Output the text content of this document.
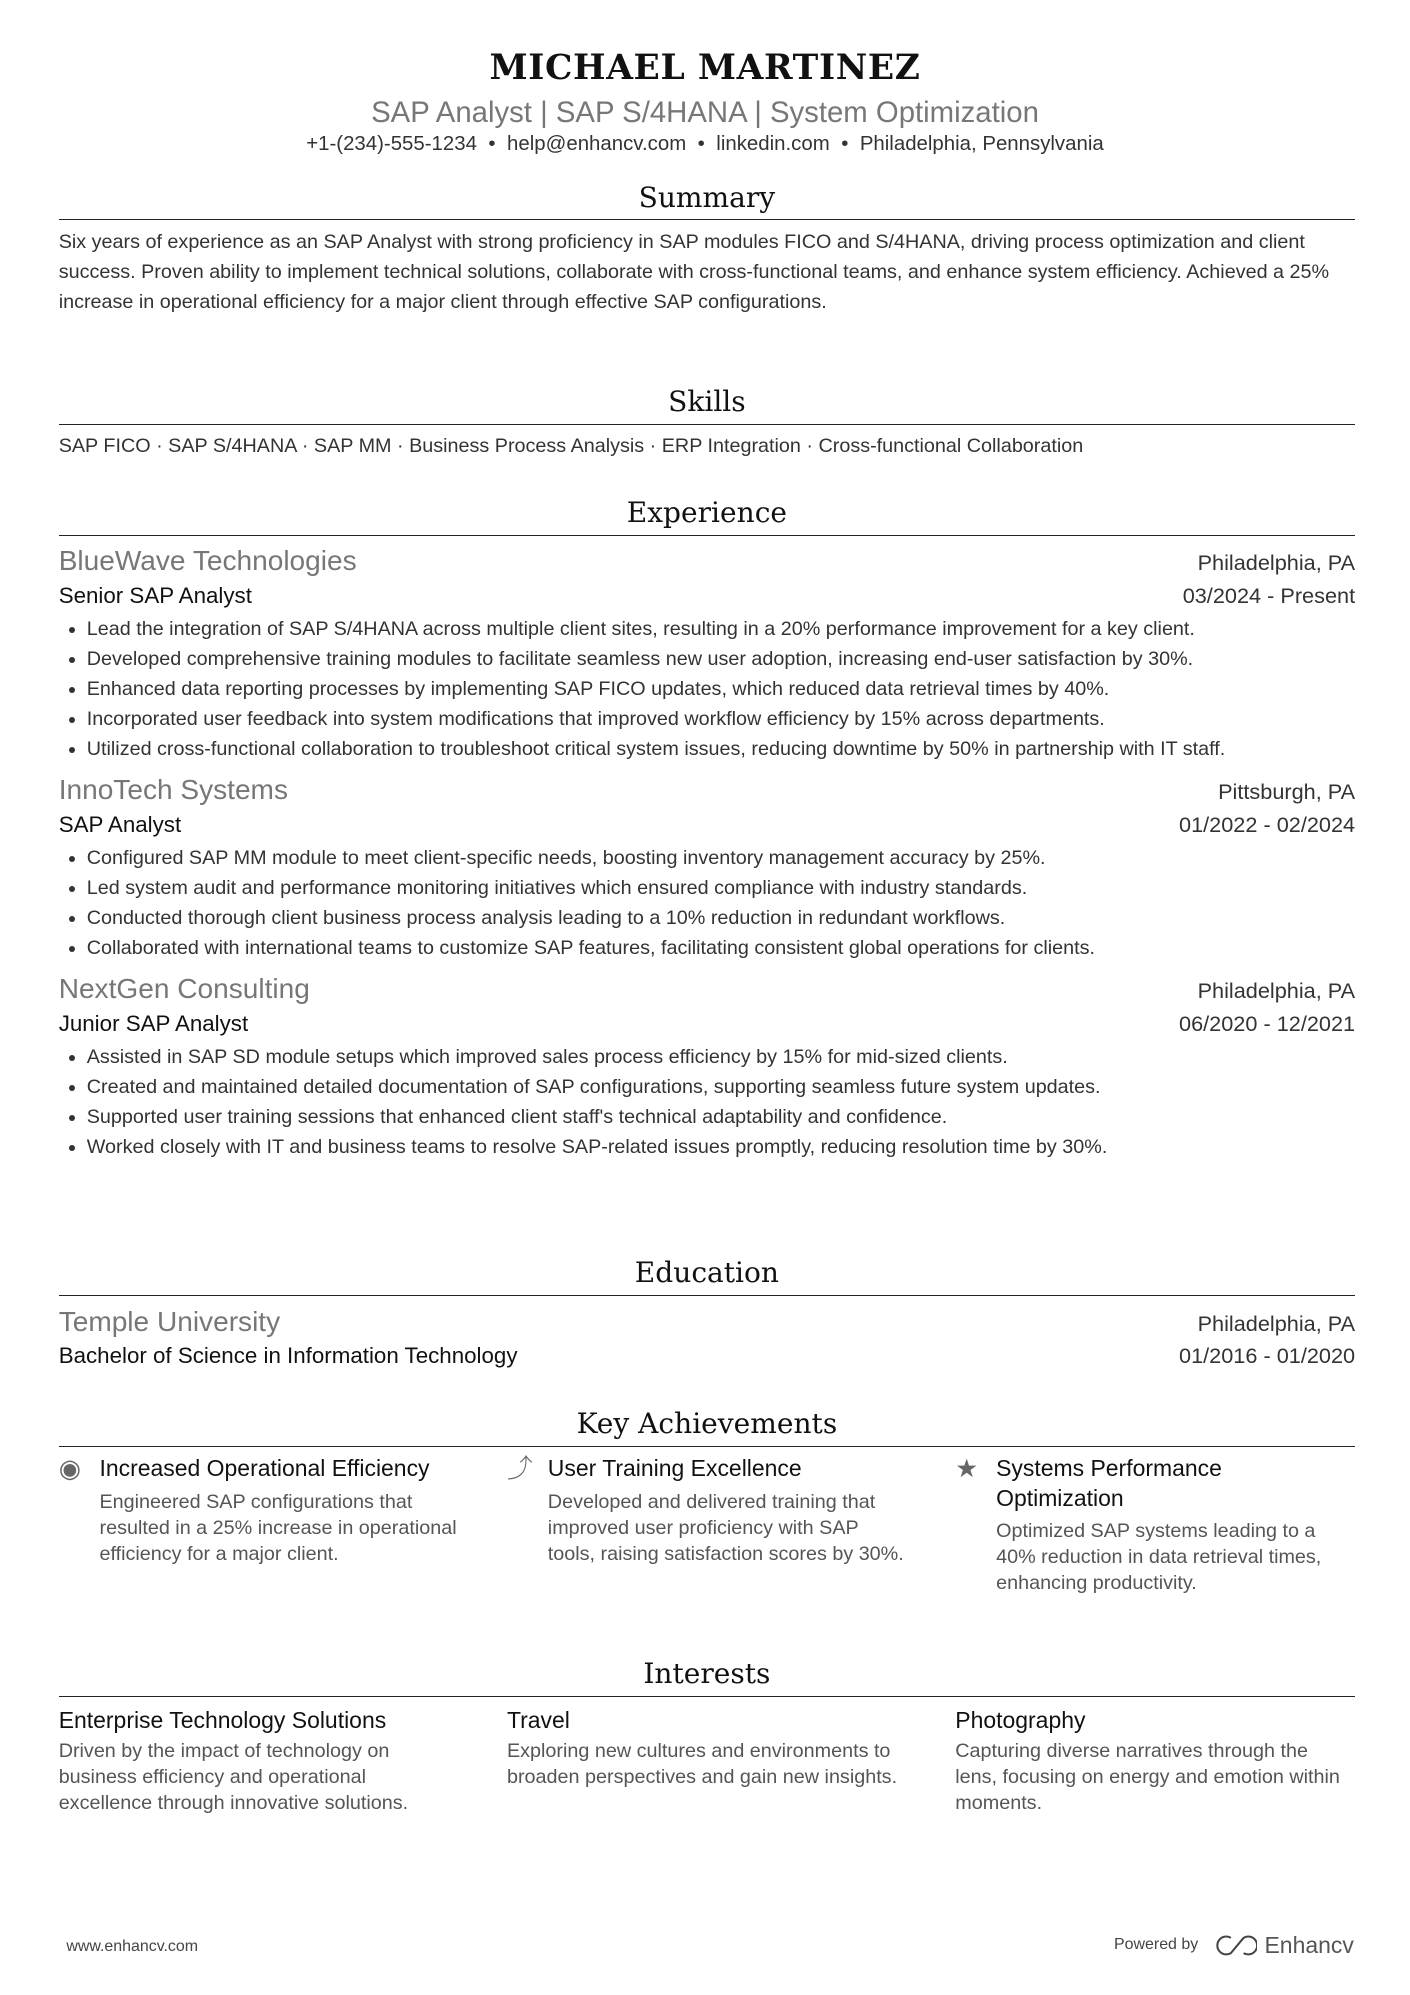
MICHAEL MARTINEZ
SAP Analyst | SAP S/4HANA | System Optimization
+1-(234)-555-1234 • help@enhancv.com • linkedin.com • Philadelphia, Pennsylvania
Summary
Six years of experience as an SAP Analyst with strong proficiency in SAP modules FICO and S/4HANA, driving process optimization and client success. Proven ability to implement technical solutions, collaborate with cross-functional teams, and enhance system efficiency. Achieved a 25% increase in operational efficiency for a major client through effective SAP configurations.
Skills
SAP FICO · SAP S/4HANA · SAP MM · Business Process Analysis · ERP Integration · Cross-functional Collaboration
Experience
BlueWave Technologies	Philadelphia, PA
Senior SAP Analyst	03/2024 - Present
• Lead the integration of SAP S/4HANA across multiple client sites, resulting in a 20% performance improvement for a key client.
• Developed comprehensive training modules to facilitate seamless new user adoption, increasing end-user satisfaction by 30%.
• Enhanced data reporting processes by implementing SAP FICO updates, which reduced data retrieval times by 40%.
• Incorporated user feedback into system modifications that improved workflow efficiency by 15% across departments.
• Utilized cross-functional collaboration to troubleshoot critical system issues, reducing downtime by 50% in partnership with IT staff.
InnoTech Systems	Pittsburgh, PA
SAP Analyst	01/2022 - 02/2024
• Configured SAP MM module to meet client-specific needs, boosting inventory management accuracy by 25%.
• Led system audit and performance monitoring initiatives which ensured compliance with industry standards.
• Conducted thorough client business process analysis leading to a 10% reduction in redundant workflows.
• Collaborated with international teams to customize SAP features, facilitating consistent global operations for clients.
NextGen Consulting	Philadelphia, PA
Junior SAP Analyst	06/2020 - 12/2021
• Assisted in SAP SD module setups which improved sales process efficiency by 15% for mid-sized clients.
• Created and maintained detailed documentation of SAP configurations, supporting seamless future system updates.
• Supported user training sessions that enhanced client staff's technical adaptability and confidence.
• Worked closely with IT and business teams to resolve SAP-related issues promptly, reducing resolution time by 30%.
Education
Temple University	Philadelphia, PA
Bachelor of Science in Information Technology	01/2016 - 01/2020
Key Achievements
◉	Increased Operational Efficiency
Engineered SAP configurations that resulted in a 25% increase in operational efficiency for a major client.
⤴ User Training Excellence
Developed and delivered training that improved user proficiency with SAP tools, raising satisfaction scores by 30%.
★ Systems Performance Optimization
Optimized SAP systems leading to a 40% reduction in data retrieval times, enhancing productivity.
Interests
Enterprise Technology Solutions
Driven by the impact of technology on business efficiency and operational excellence through innovative solutions.
Travel
Exploring new cultures and environments to broaden perspectives and gain new insights.
Photography
Capturing diverse narratives through the lens, focusing on energy and emotion within moments.
www.enhancv.com	Powered by	Enhancv
